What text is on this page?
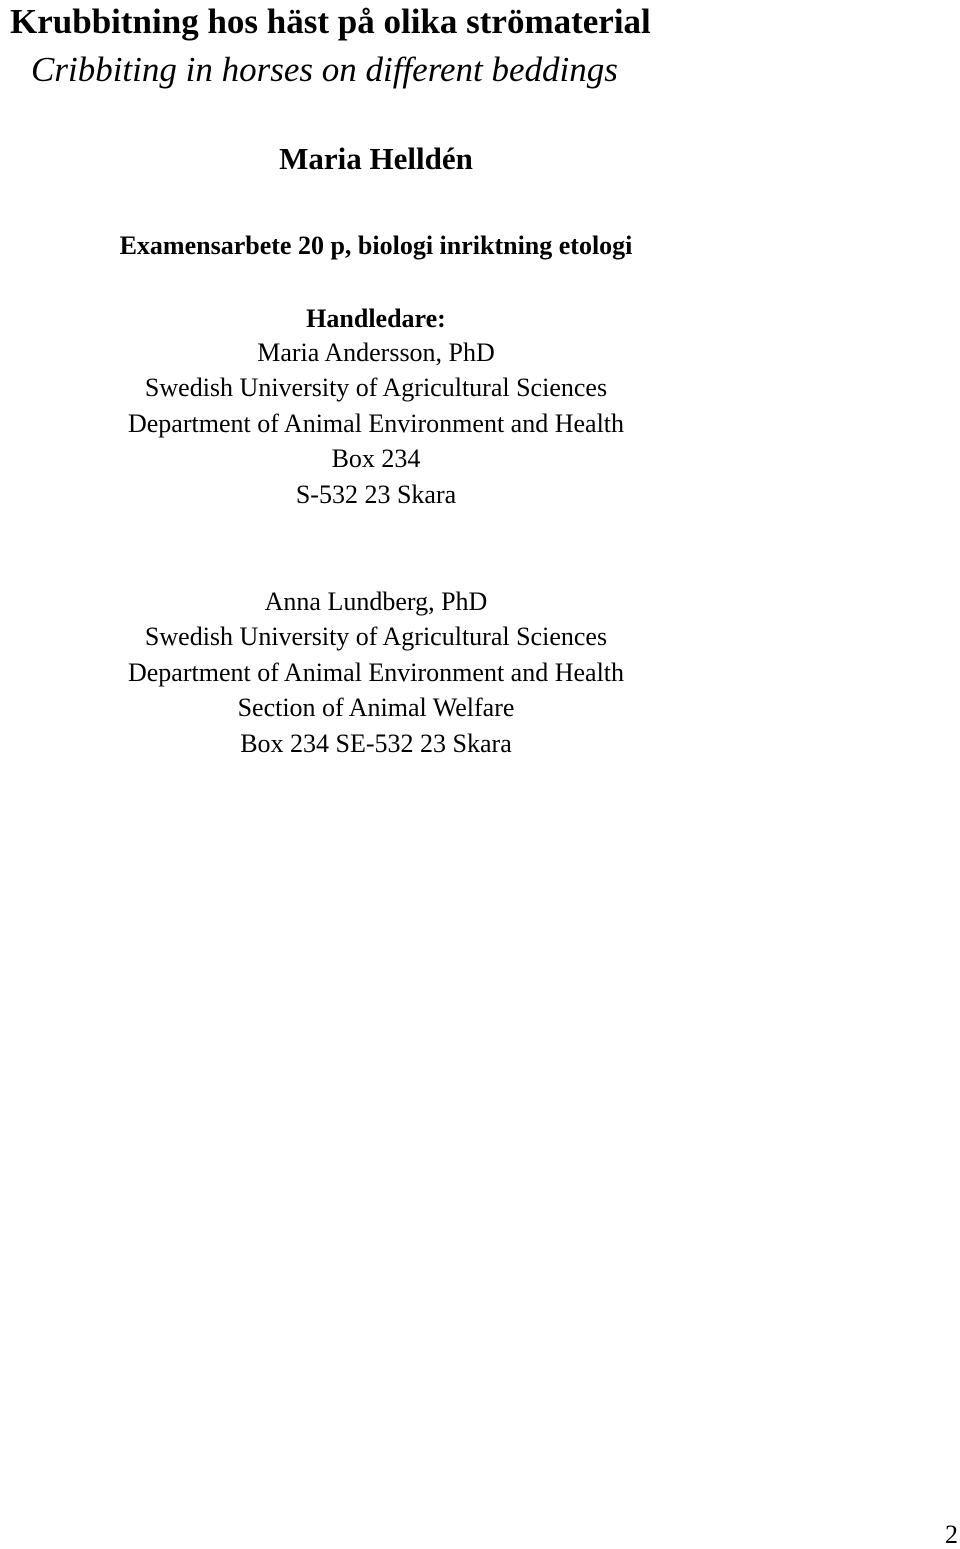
Krubbitning hos häst på olika strömaterial
Cribbiting in horses on different beddings
Maria Helldén
Examensarbete 20 p, biologi inriktning etologi
Handledare:
Maria Andersson, PhD
Swedish University of Agricultural Sciences
Department of Animal Environment and Health
Box 234
S-532 23 Skara
Anna Lundberg, PhD
Swedish University of Agricultural Sciences
Department of Animal Environment and Health
Section of Animal Welfare
Box 234 SE-532 23 Skara
2
